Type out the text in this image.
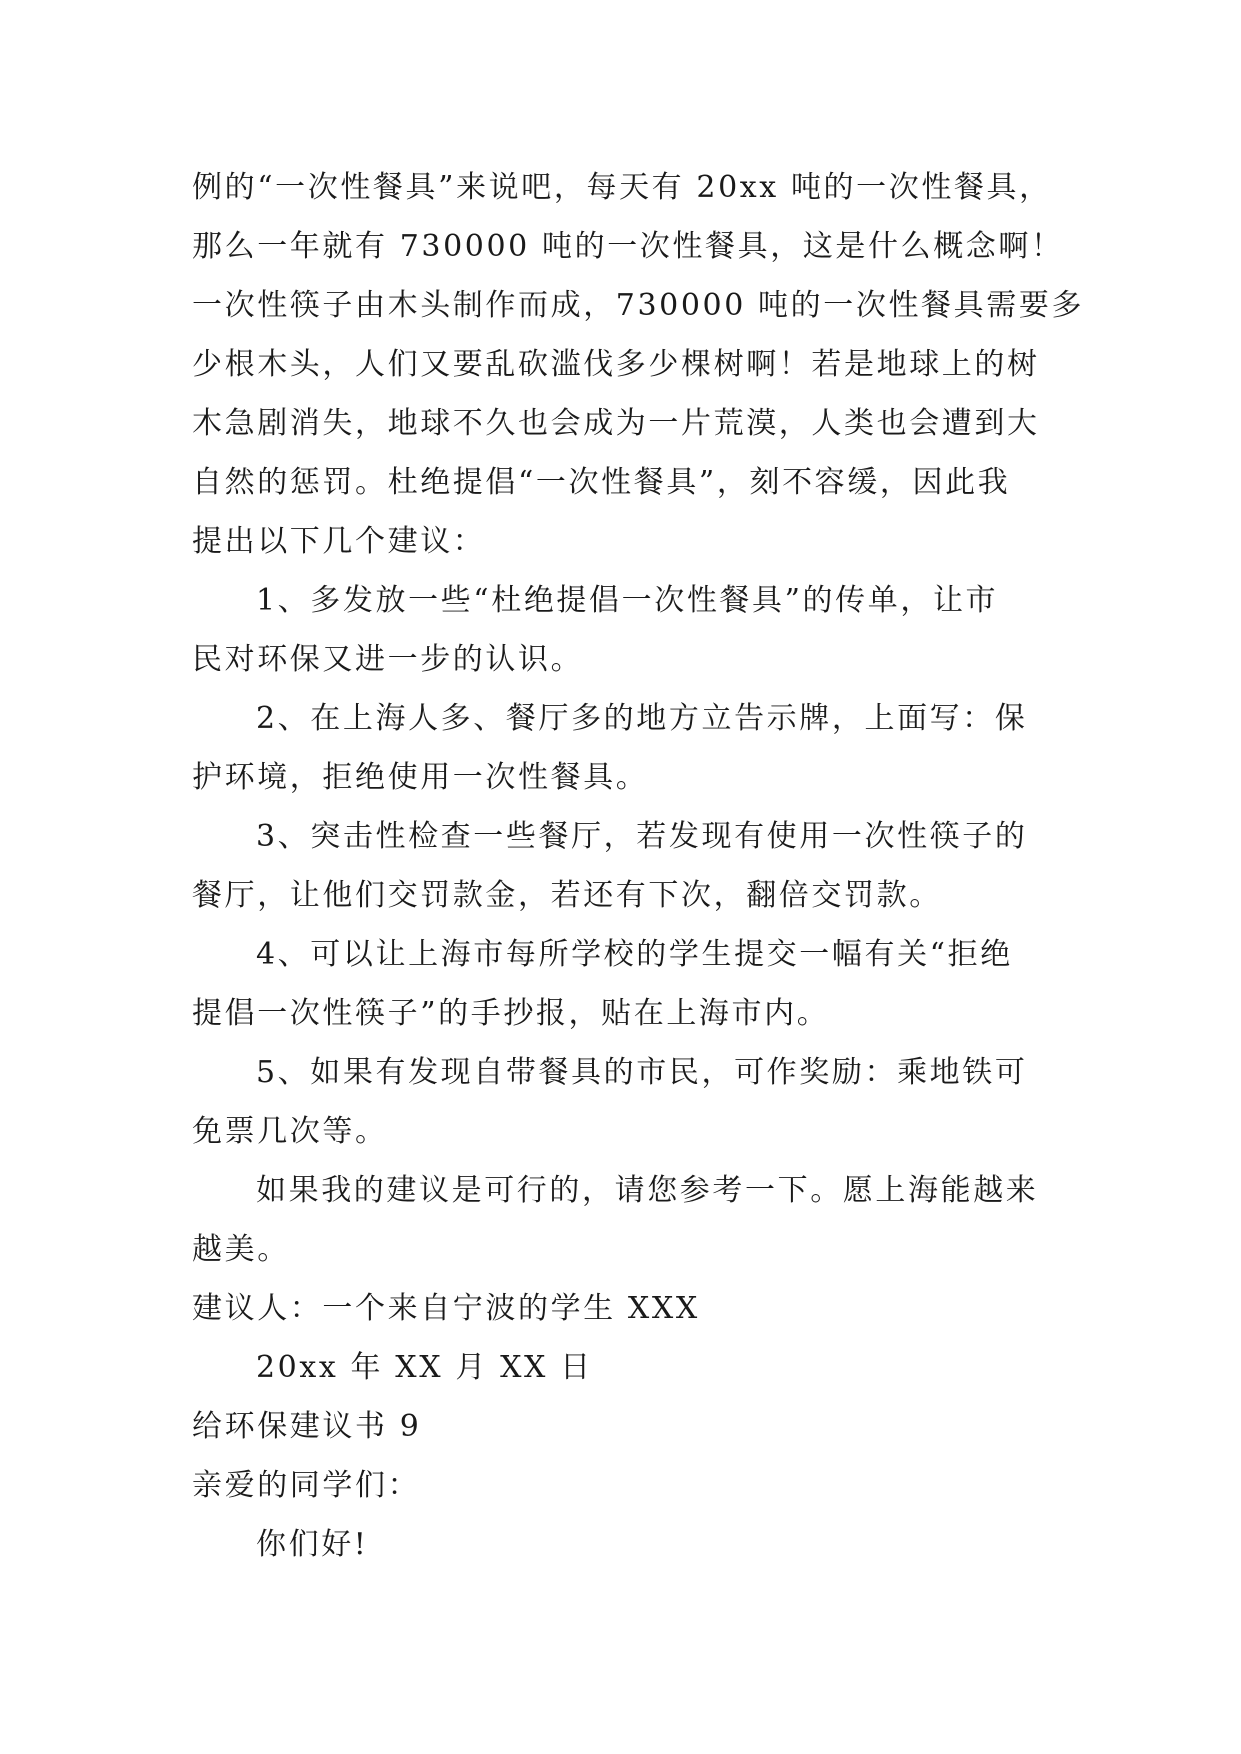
例的“一次性餐具”来说吧，每天有 20xx 吨的一次性餐具，
那么一年就有 730000 吨的一次性餐具，这是什么概念啊！
一次性筷子由木头制作而成，730000 吨的一次性餐具需要多
少根木头，人们又要乱砍滥伐多少棵树啊！若是地球上的树
木急剧消失，地球不久也会成为一片荒漠，人类也会遭到大
自然的惩罚。杜绝提倡“一次性餐具”，刻不容缓，因此我
提出以下几个建议：
1、多发放一些“杜绝提倡一次性餐具”的传单，让市
民对环保又进一步的认识。
2、在上海人多、餐厅多的地方立告示牌，上面写：保
护环境，拒绝使用一次性餐具。
3、突击性检查一些餐厅，若发现有使用一次性筷子的
餐厅，让他们交罚款金，若还有下次，翻倍交罚款。
4、可以让上海市每所学校的学生提交一幅有关“拒绝
提倡一次性筷子”的手抄报，贴在上海市内。
5、如果有发现自带餐具的市民，可作奖励：乘地铁可
免票几次等。
如果我的建议是可行的，请您参考一下。愿上海能越来
越美。
建议人：一个来自宁波的学生 XXX
20xx 年 XX 月 XX 日
给环保建议书 9
亲爱的同学们：
你们好!
